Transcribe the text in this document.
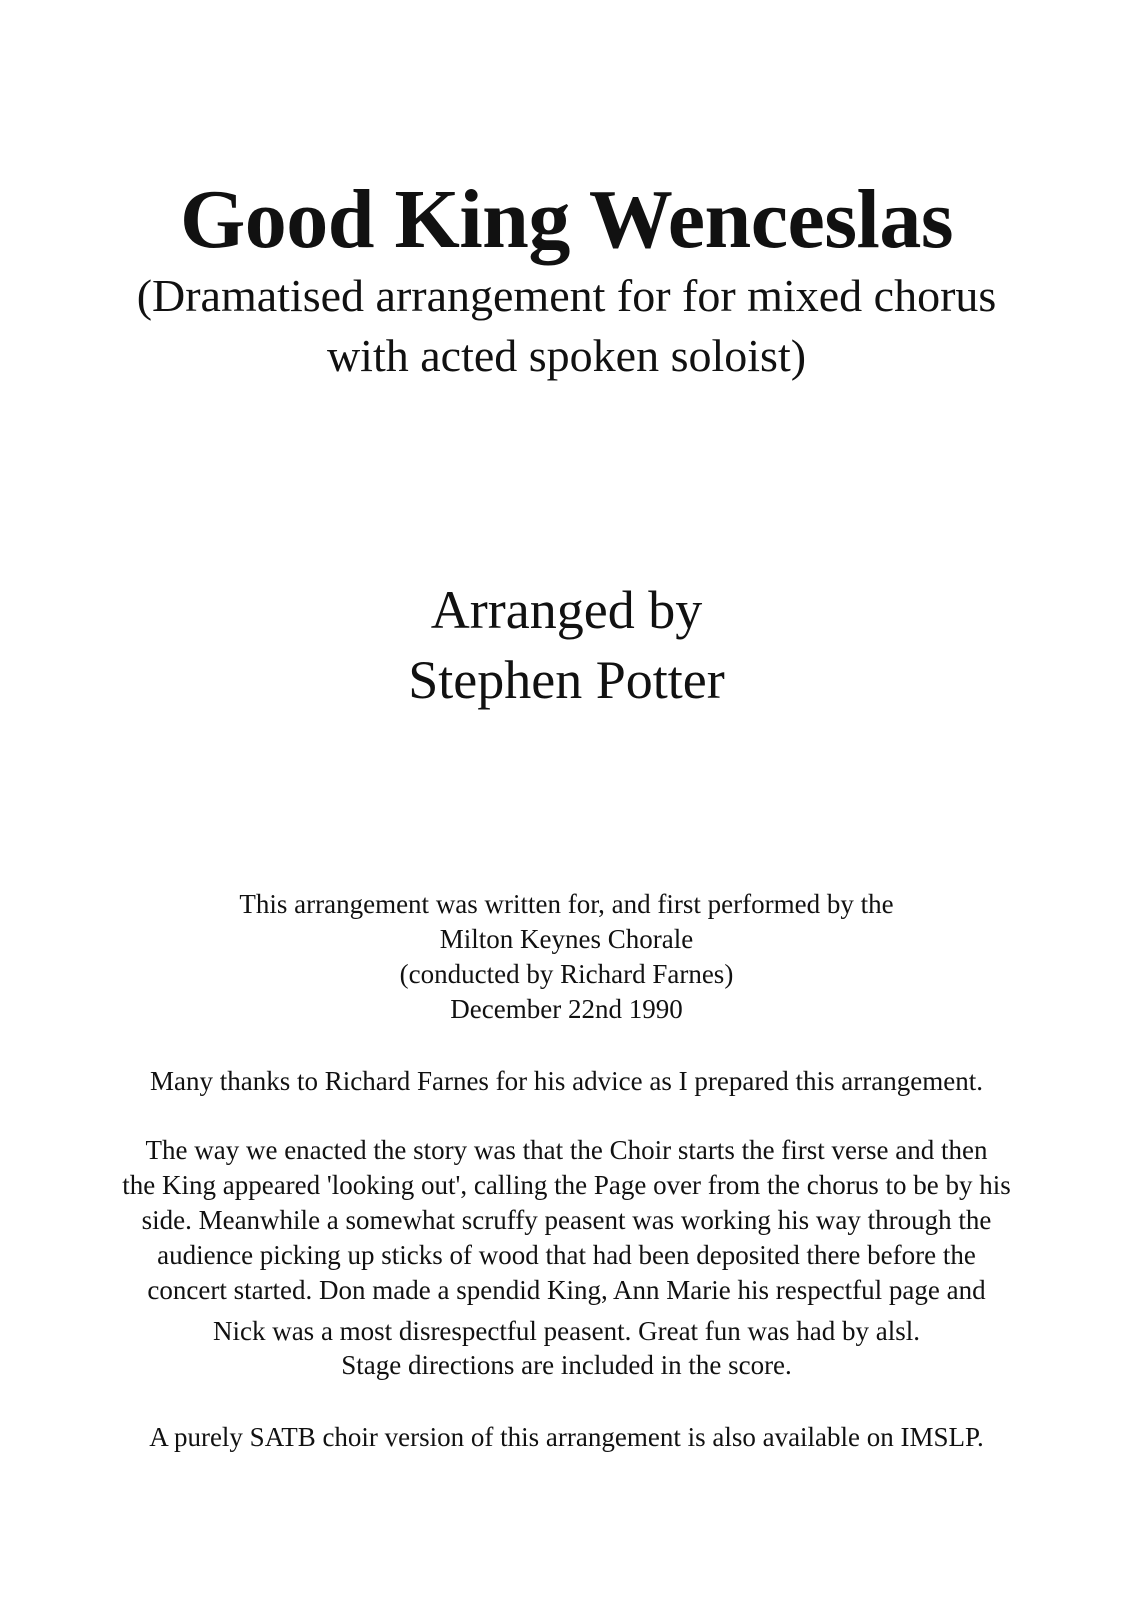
Good King Wenceslas

(Dramatised arrangement for for mixed chorus

with acted spoken soloist)

Arranged by

Stephen Potter

This arrangement was written for, and first performed by the

Milton Keynes Chorale

(conducted by Richard Farnes)

December 22nd 1990

Many thanks to Richard Farnes for his advice as I prepared this arrangement.

The way we enacted the story was that the Choir starts the first verse and then

the King appeared 'looking out', calling the Page over from the chorus to be by his

side. Meanwhile a somewhat scruffy peasent was working his way through the

audience picking up sticks of wood that had been deposited there before the

concert started. Don made a spendid King, Ann Marie his respectful page and

Nick was a most disrespectful peasent. Great fun was had by alsl.

Stage directions are included in the score.

A purely SATB choir version of this arrangement is also available on IMSLP.
